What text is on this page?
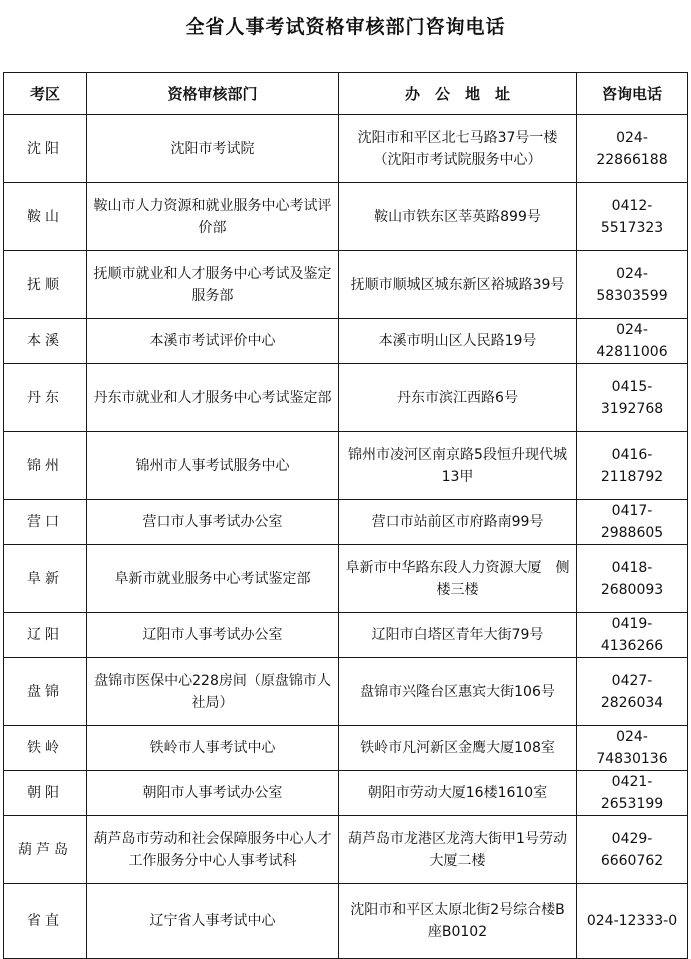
全省人事考试资格审核部门咨询电话
考区	资格审核部门	办　公　地　址	咨询电话
沈阳	沈阳市考试院	沈阳市和平区北七马路37号一楼（沈阳市考试院服务中心）	024-22866188
鞍山	鞍山市人力资源和就业服务中心考试评价部	鞍山市铁东区莘英路899号	0412-5517323
抚顺	抚顺市就业和人才服务中心考试及鉴定服务部	抚顺市顺城区城东新区裕城路39号	024-58303599
本溪	本溪市考试评价中心	本溪市明山区人民路19号	024-42811006
丹东	丹东市就业和人才服务中心考试鉴定部	丹东市滨江西路6号	0415-3192768
锦州	锦州市人事考试服务中心	锦州市凌河区南京路5段恒升现代城13甲	0416-2118792
营口	营口市人事考试办公室	营口市站前区市府路南99号	0417-2988605
阜新	阜新市就业服务中心考试鉴定部	阜新市中华路东段人力资源大厦　侧楼三楼	0418-2680093
辽阳	辽阳市人事考试办公室	辽阳市白塔区青年大街79号	0419-4136266
盘锦	盘锦市医保中心228房间（原盘锦市人社局）	盘锦市兴隆台区惠宾大街106号	0427-2826034
铁岭	铁岭市人事考试中心	铁岭市凡河新区金鹰大厦108室	024-74830136
朝阳	朝阳市人事考试办公室	朝阳市劳动大厦16楼1610室	0421-2653199
葫芦岛	葫芦岛市劳动和社会保障服务中心人才工作服务分中心人事考试科	葫芦岛市龙港区龙湾大街甲1号劳动大厦二楼	0429-6660762
省直	辽宁省人事考试中心	沈阳市和平区太原北街2号综合楼B座B0102	024-12333-0
